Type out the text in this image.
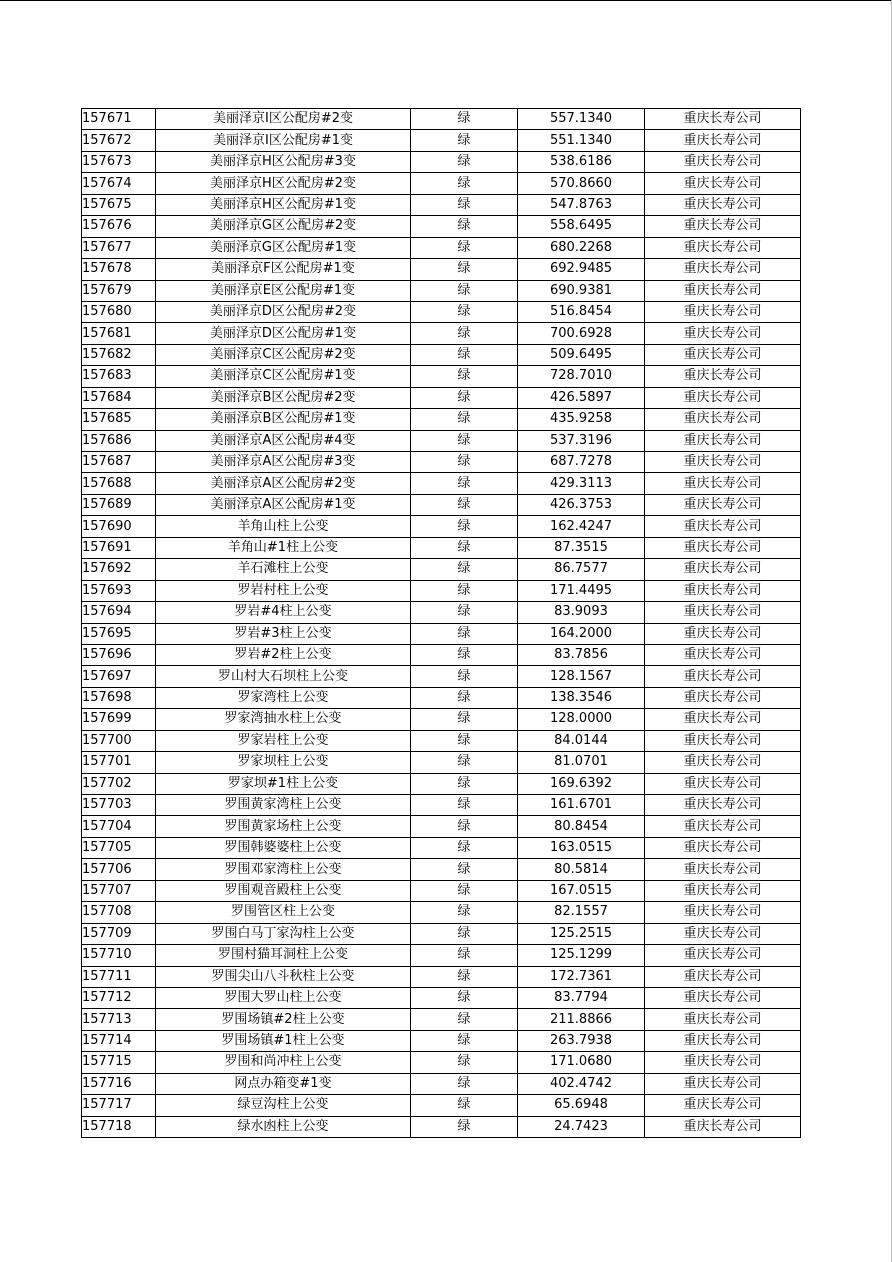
157671	美丽泽京I区公配房#2变	绿	557.1340	重庆长寿公司
157672	美丽泽京I区公配房#1变	绿	551.1340	重庆长寿公司
157673	美丽泽京H区公配房#3变	绿	538.6186	重庆长寿公司
157674	美丽泽京H区公配房#2变	绿	570.8660	重庆长寿公司
157675	美丽泽京H区公配房#1变	绿	547.8763	重庆长寿公司
157676	美丽泽京G区公配房#2变	绿	558.6495	重庆长寿公司
157677	美丽泽京G区公配房#1变	绿	680.2268	重庆长寿公司
157678	美丽泽京F区公配房#1变	绿	692.9485	重庆长寿公司
157679	美丽泽京E区公配房#1变	绿	690.9381	重庆长寿公司
157680	美丽泽京D区公配房#2变	绿	516.8454	重庆长寿公司
157681	美丽泽京D区公配房#1变	绿	700.6928	重庆长寿公司
157682	美丽泽京C区公配房#2变	绿	509.6495	重庆长寿公司
157683	美丽泽京C区公配房#1变	绿	728.7010	重庆长寿公司
157684	美丽泽京B区公配房#2变	绿	426.5897	重庆长寿公司
157685	美丽泽京B区公配房#1变	绿	435.9258	重庆长寿公司
157686	美丽泽京A区公配房#4变	绿	537.3196	重庆长寿公司
157687	美丽泽京A区公配房#3变	绿	687.7278	重庆长寿公司
157688	美丽泽京A区公配房#2变	绿	429.3113	重庆长寿公司
157689	美丽泽京A区公配房#1变	绿	426.3753	重庆长寿公司
157690	羊角山柱上公变	绿	162.4247	重庆长寿公司
157691	羊角山#1柱上公变	绿	87.3515	重庆长寿公司
157692	羊石滩柱上公变	绿	86.7577	重庆长寿公司
157693	罗岩村柱上公变	绿	171.4495	重庆长寿公司
157694	罗岩#4柱上公变	绿	83.9093	重庆长寿公司
157695	罗岩#3柱上公变	绿	164.2000	重庆长寿公司
157696	罗岩#2柱上公变	绿	83.7856	重庆长寿公司
157697	罗山村大石坝柱上公变	绿	128.1567	重庆长寿公司
157698	罗家湾柱上公变	绿	138.3546	重庆长寿公司
157699	罗家湾抽水柱上公变	绿	128.0000	重庆长寿公司
157700	罗家岩柱上公变	绿	84.0144	重庆长寿公司
157701	罗家坝柱上公变	绿	81.0701	重庆长寿公司
157702	罗家坝#1柱上公变	绿	169.6392	重庆长寿公司
157703	罗围黄家湾柱上公变	绿	161.6701	重庆长寿公司
157704	罗围黄家场柱上公变	绿	80.8454	重庆长寿公司
157705	罗围韩婆婆柱上公变	绿	163.0515	重庆长寿公司
157706	罗围邓家湾柱上公变	绿	80.5814	重庆长寿公司
157707	罗围观音殿柱上公变	绿	167.0515	重庆长寿公司
157708	罗围管区柱上公变	绿	82.1557	重庆长寿公司
157709	罗围白马丁家沟柱上公变	绿	125.2515	重庆长寿公司
157710	罗围村猫耳洞柱上公变	绿	125.1299	重庆长寿公司
157711	罗围尖山八斗秋柱上公变	绿	172.7361	重庆长寿公司
157712	罗围大罗山柱上公变	绿	83.7794	重庆长寿公司
157713	罗围场镇#2柱上公变	绿	211.8866	重庆长寿公司
157714	罗围场镇#1柱上公变	绿	263.7938	重庆长寿公司
157715	罗围和尚冲柱上公变	绿	171.0680	重庆长寿公司
157716	网点办箱变#1变	绿	402.4742	重庆长寿公司
157717	绿豆沟柱上公变	绿	65.6948	重庆长寿公司
157718	绿水凼柱上公变	绿	24.7423	重庆长寿公司
